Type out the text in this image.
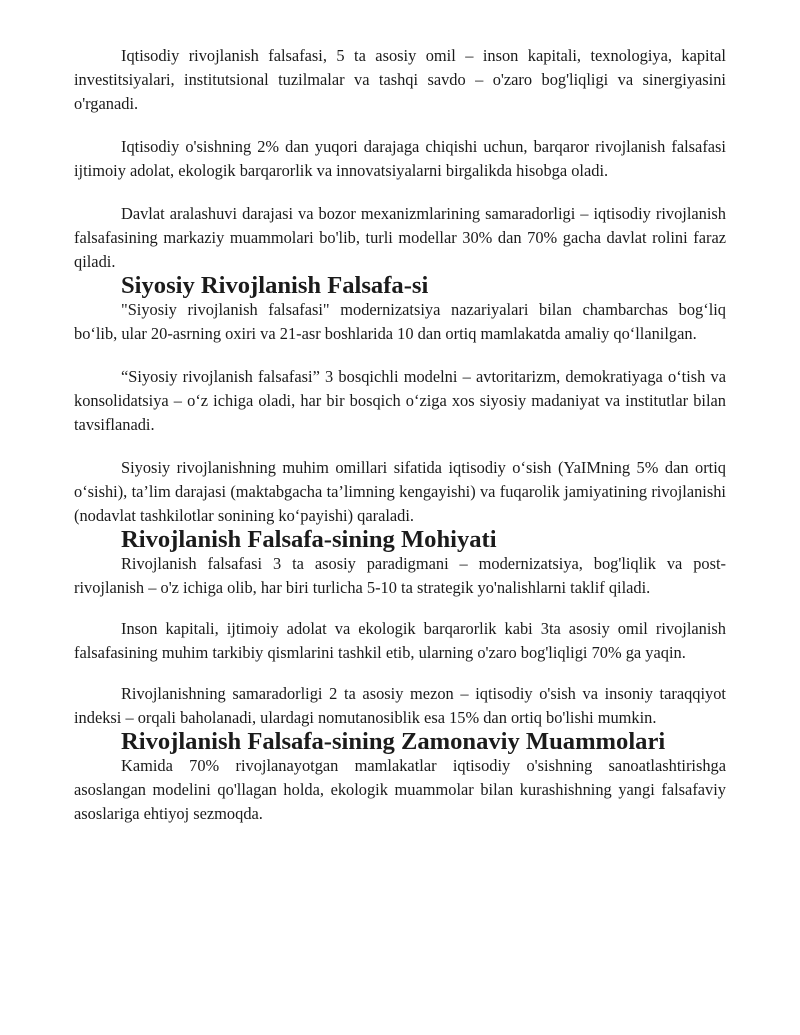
Iqtisodiy rivojlanish falsafasi, 5 ta asosiy omil – inson kapitali, texnologiya, kapital investitsiyalari, institutsional tuzilmalar va tashqi savdo – o'zaro bog'liqligi va sinergiyasini o'rganadi.

Iqtisodiy o'sishning 2% dan yuqori darajaga chiqishi uchun, barqaror rivojlanish falsafasi ijtimoiy adolat, ekologik barqarorlik va innovatsiyalarni birgalikda hisobga oladi.

Davlat aralashuvi darajasi va bozor mexanizmlarining samaradorligi – iqtisodiy rivojlanish falsafasining markaziy muammolari bo'lib, turli modellar 30% dan 70% gacha davlat rolini faraz qiladi.

Siyosiy Rivojlanish Falsafa-si

"Siyosiy rivojlanish falsafasi" modernizatsiya nazariyalari bilan chambarchas bog‘liq bo‘lib, ular 20-asrning oxiri va 21-asr boshlarida 10 dan ortiq mamlakatda amaliy qo‘llanilgan.

“Siyosiy rivojlanish falsafasi” 3 bosqichli modelni – avtoritarizm, demokratiyaga o‘tish va konsolidatsiya – o‘z ichiga oladi, har bir bosqich o‘ziga xos siyosiy madaniyat va institutlar bilan tavsiflanadi.

Siyosiy rivojlanishning muhim omillari sifatida iqtisodiy o‘sish (YaIMning 5% dan ortiq o‘sishi), ta’lim darajasi (maktabgacha ta’limning kengayishi) va fuqarolik jamiyatining rivojlanishi (nodavlat tashkilotlar sonining ko‘payishi) qaraladi.

Rivojlanish Falsafa-sining Mohiyati

Rivojlanish falsafasi 3 ta asosiy paradigmani – modernizatsiya, bog'liqlik va post-rivojlanish – o'z ichiga olib, har biri turlicha 5-10 ta strategik yo'nalishlarni taklif qiladi.

Inson kapitali, ijtimoiy adolat va ekologik barqarorlik kabi 3ta asosiy omil rivojlanish falsafasining muhim tarkibiy qismlarini tashkil etib, ularning o'zaro bog'liqligi 70% ga yaqin.

Rivojlanishning samaradorligi 2 ta asosiy mezon – iqtisodiy o'sish va insoniy taraqqiyot indeksi – orqali baholanadi, ulardagi nomutanosiblik esa 15% dan ortiq bo'lishi mumkin.

Rivojlanish Falsafa-sining Zamonaviy Muammolari

Kamida 70% rivojlanayotgan mamlakatlar iqtisodiy o'sishning sanoatlashtirishga asoslangan modelini qo'llagan holda, ekologik muammolar bilan kurashishning yangi falsafaviy asoslariga ehtiyoj sezmoqda.
